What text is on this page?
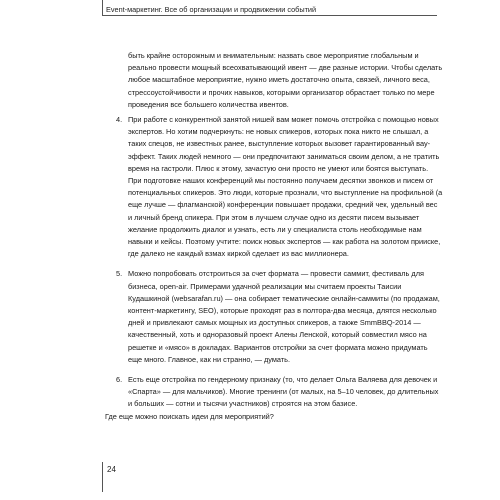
Event-маркетинг. Все об организации и продвижении событий

быть крайне осторожным и внимательным: назвать свое мероприятие глобальным и реально провести мощный всеохватывающий ивент — две разные истории. Чтобы сделать любое масштабное мероприятие, нужно иметь достаточно опыта, связей, личного веса, стрессоустойчивости и прочих навыков, которыми организатор обрастает только по мере проведения все большего количества ивентов.

4. При работе с конкурентной занятой нишей вам может помочь отстройка с помощью новых экспертов. Но хотим подчеркнуть: не новых спикеров, которых пока никто не слышал, а таких спецов, не известных ранее, выступление которых вызовет гарантированный вау-эффект. Таких людей немного — они предпочитают заниматься своим делом, а не тратить время на гастроли. Плюс к этому, зачастую они просто не умеют или боятся выступать.

При подготовке наших конференций мы постоянно получаем десятки звонков и писем от потенциальных спикеров. Это люди, которые прознали, что выступление на профильной (а еще лучше — флагманской) конференции повышает продажи, средний чек, удельный вес и личный бренд спикера. При этом в лучшем случае одно из десяти писем вызывает желание продолжить диалог и узнать, есть ли у специалиста столь необходимые нам навыки и кейсы. Поэтому учтите: поиск новых экспертов — как работа на золотом прииске, где далеко не каждый взмах киркой сделает из вас миллионера.

5. Можно попробовать отстроиться за счет формата — провести саммит, фестиваль для бизнеса, open-air. Примерами удачной реализации мы считаем проекты Таисии Кудашкиной (websarafan.ru) — она собирает тематические онлайн-саммиты (по продажам, контент-маркетингу, SEO), которые проходят раз в полтора-два месяца, длятся несколько дней и привлекают самых мощных из доступных спикеров, а также SmmBBQ-2014 — качественный, хоть и одноразовый проект Алены Ленской, который совместил мясо на решетке и «мясо» в докладах. Вариантов отстройки за счет формата можно придумать еще много. Главное, как ни странно, — думать.

6. Есть еще отстройка по гендерному признаку (то, что делает Ольга Валяева для девочек и «Спарта» — для мальчиков). Многие тренинги (от малых, на 5–10 человек, до длительных и больших — сотни и тысячи участников) строятся на этом базисе.

Где еще можно поискать идеи для мероприятий?

24
